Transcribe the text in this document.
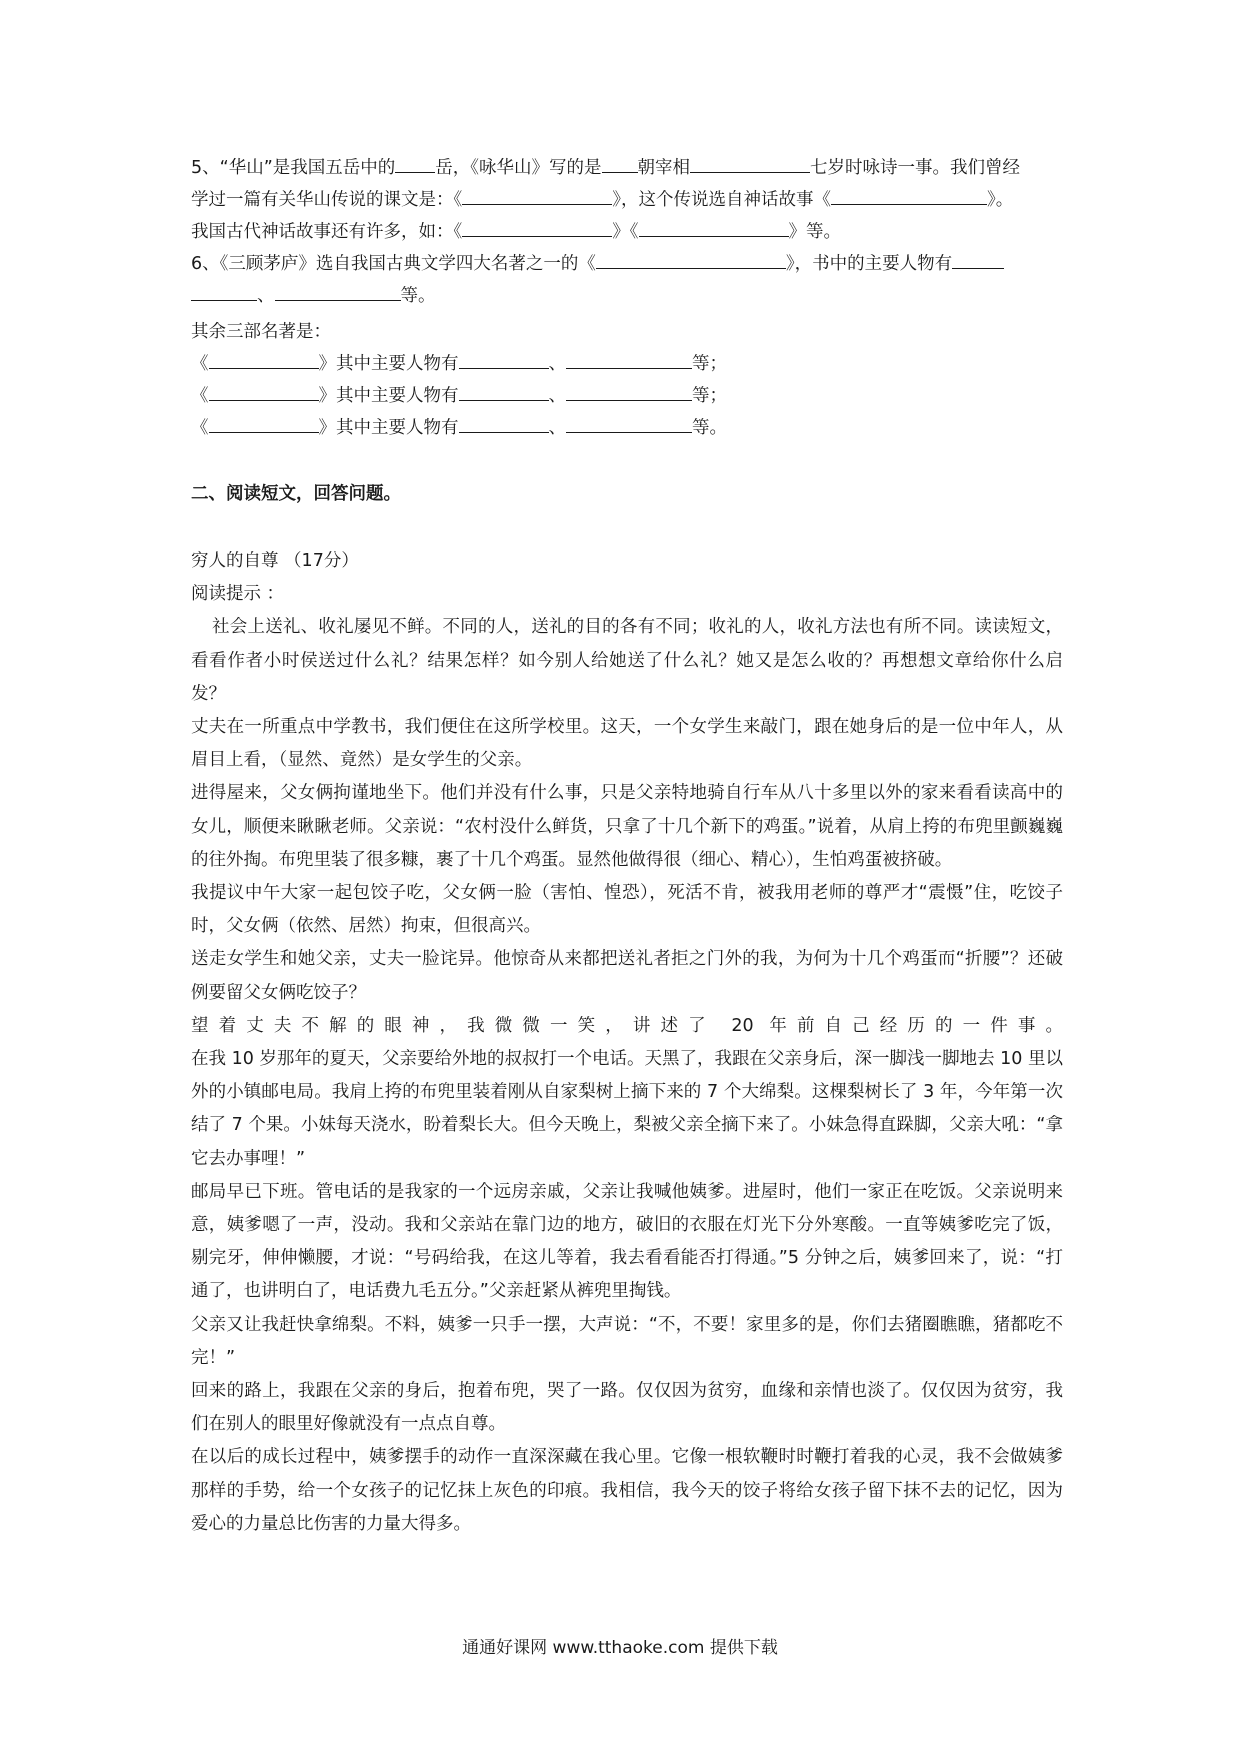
5、“华山”是我国五岳中的 岳，《咏华山》写的是 朝宰相	七岁时咏诗一事。我们曾经
学过一篇有关华山传说的课文是：《	》，这个传说选自神话故事《	》。
我国古代神话故事还有许多，如：《	》《	》等。
6、《三顾茅庐》选自我国古典文学四大名著之一的《	》，书中的主要人物有
、	等。
其余三部名著是：
《	》其中主要人物有	、	等；
《	》其中主要人物有	、	等；
《	》其中主要人物有	、	等。
二、阅读短文，回答问题。

穷人的自尊 （17分）

阅读提示 ：

社会上送礼、收礼屡见不鲜。不同的人，送礼的目的各有不同；收礼的人，收礼方法也有所不同。读读短文，看看作者小时侯送过什么礼？结果怎样？如今别人给她送了什么礼？她又是怎么收的？再想想文章给你什么启发？

丈夫在一所重点中学教书，我们便住在这所学校里。这天，一个女学生来敲门，跟在她身后的是一位中年人，从眉目上看，（显然、竟然）是女学生的父亲。

进得屋来，父女俩拘谨地坐下。他们并没有什么事，只是父亲特地骑自行车从八十多里以外的家来看看读高中的女儿，顺便来瞅瞅老师。父亲说：“农村没什么鲜货，只拿了十几个新下的鸡蛋。”说着，从肩上挎的布兜里颤巍巍的往外掏。布兜里装了很多糠，裹了十几个鸡蛋。显然他做得很（细心、精心），生怕鸡蛋被挤破。

我提议中午大家一起包饺子吃，父女俩一脸（害怕、惶恐），死活不肯，被我用老师的尊严才“震慑”住，吃饺子时，父女俩（依然、居然）拘束，但很高兴。

送走女学生和她父亲，丈夫一脸诧异。他惊奇从来都把送礼者拒之门外的我，为何为十几个鸡蛋而“折腰”？还破例要留父女俩吃饺子？

望着丈夫不解的眼神，我微微一笑，讲述了 20 年前自己经历的一件事。

在我 10 岁那年的夏天，父亲要给外地的叔叔打一个电话。天黑了，我跟在父亲身后，深一脚浅一脚地去 10 里以外的小镇邮电局。我肩上挎的布兜里装着刚从自家梨树上摘下来的 7 个大绵梨。这棵梨树长了 3 年，今年第一次结了 7 个果。小妹每天浇水，盼着梨长大。但今天晚上，梨被父亲全摘下来了。小妹急得直跺脚，父亲大吼：“拿它去办事哩！”

邮局早已下班。管电话的是我家的一个远房亲戚，父亲让我喊他姨爹。进屋时，他们一家正在吃饭。父亲说明来意，姨爹嗯了一声，没动。我和父亲站在靠门边的地方，破旧的衣服在灯光下分外寒酸。一直等姨爹吃完了饭，剔完牙，伸伸懒腰，才说：“号码给我，在这儿等着，我去看看能否打得通。”5 分钟之后，姨爹回来了，说：“打通了，也讲明白了，电话费九毛五分。”父亲赶紧从裤兜里掏钱。

父亲又让我赶快拿绵梨。不料，姨爹一只手一摆，大声说：“不，不要！家里多的是，你们去猪圈瞧瞧，猪都吃不完！”

回来的路上，我跟在父亲的身后，抱着布兜，哭了一路。仅仅因为贫穷，血缘和亲情也淡了。仅仅因为贫穷，我们在别人的眼里好像就没有一点点自尊。

在以后的成长过程中，姨爹摆手的动作一直深深藏在我心里。它像一根软鞭时时鞭打着我的心灵，我不会做姨爹那样的手势，给一个女孩子的记忆抹上灰色的印痕。我相信，我今天的饺子将给女孩子留下抹不去的记忆，因为爱心的力量总比伤害的力量大得多。

通通好课网 www.tthaoke.com 提供下载
